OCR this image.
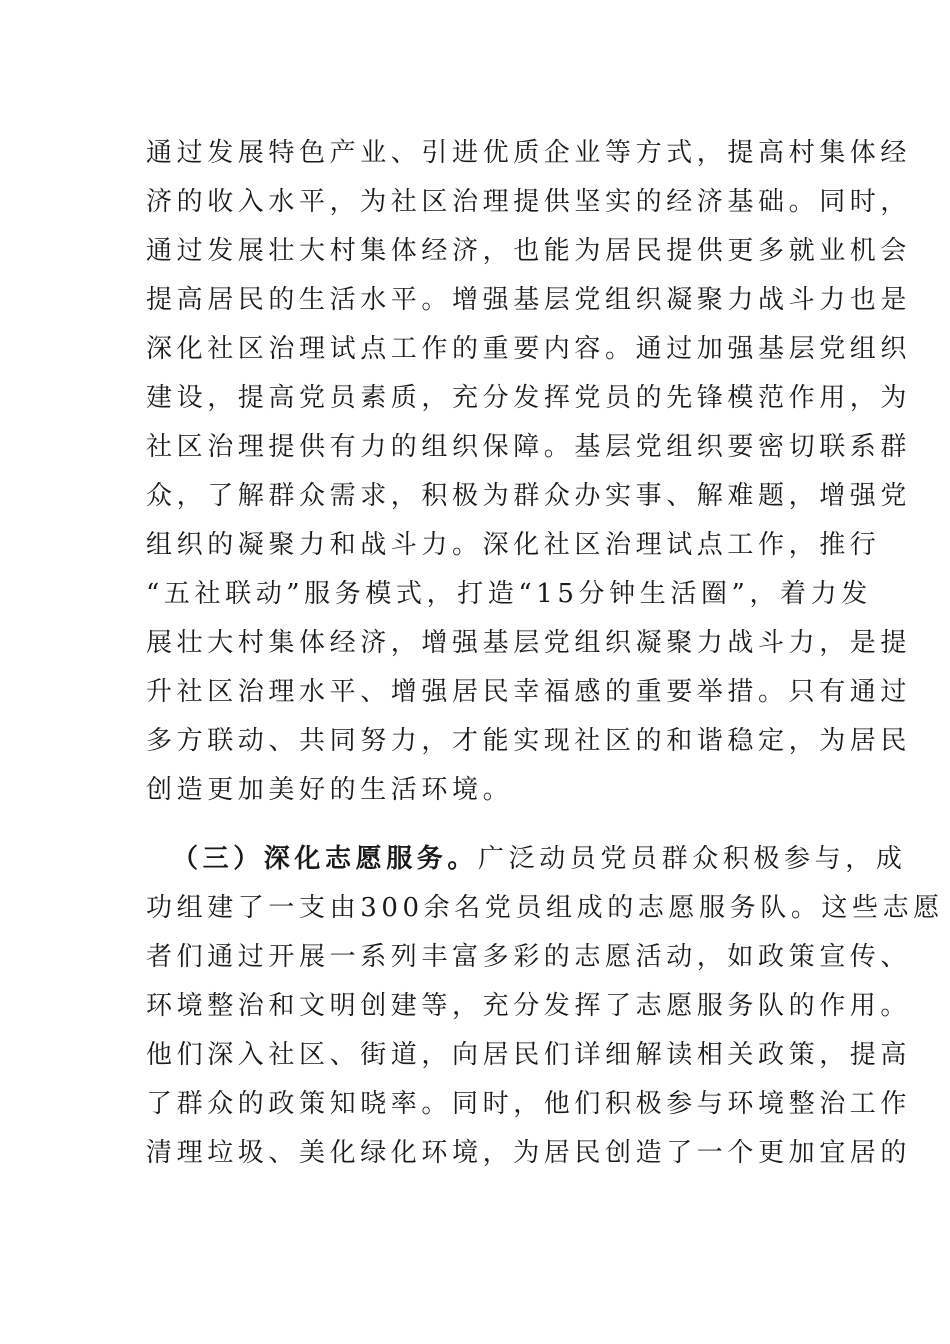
通过发展特色产业、引进优质企业等方式，提高村集体经
济的收入水平，为社区治理提供坚实的经济基础。同时，
通过发展壮大村集体经济，也能为居民提供更多就业机会
提高居民的生活水平。增强基层党组织凝聚力战斗力也是
深化社区治理试点工作的重要内容。通过加强基层党组织
建设，提高党员素质，充分发挥党员的先锋模范作用，为
社区治理提供有力的组织保障。基层党组织要密切联系群
众，了解群众需求，积极为群众办实事、解难题，增强党
组织的凝聚力和战斗力。深化社区治理试点工作，推行
“五社联动”服务模式，打造“15分钟生活圈”，着力发
展壮大村集体经济，增强基层党组织凝聚力战斗力，是提
升社区治理水平、增强居民幸福感的重要举措。只有通过
多方联动、共同努力，才能实现社区的和谐稳定，为居民
创造更加美好的生活环境。
（三）深化志愿服务。广泛动员党员群众积极参与，成
功组建了一支由300余名党员组成的志愿服务队。这些志愿
者们通过开展一系列丰富多彩的志愿活动，如政策宣传、
环境整治和文明创建等，充分发挥了志愿服务队的作用。
他们深入社区、街道，向居民们详细解读相关政策，提高
了群众的政策知晓率。同时，他们积极参与环境整治工作
清理垃圾、美化绿化环境，为居民创造了一个更加宜居的
